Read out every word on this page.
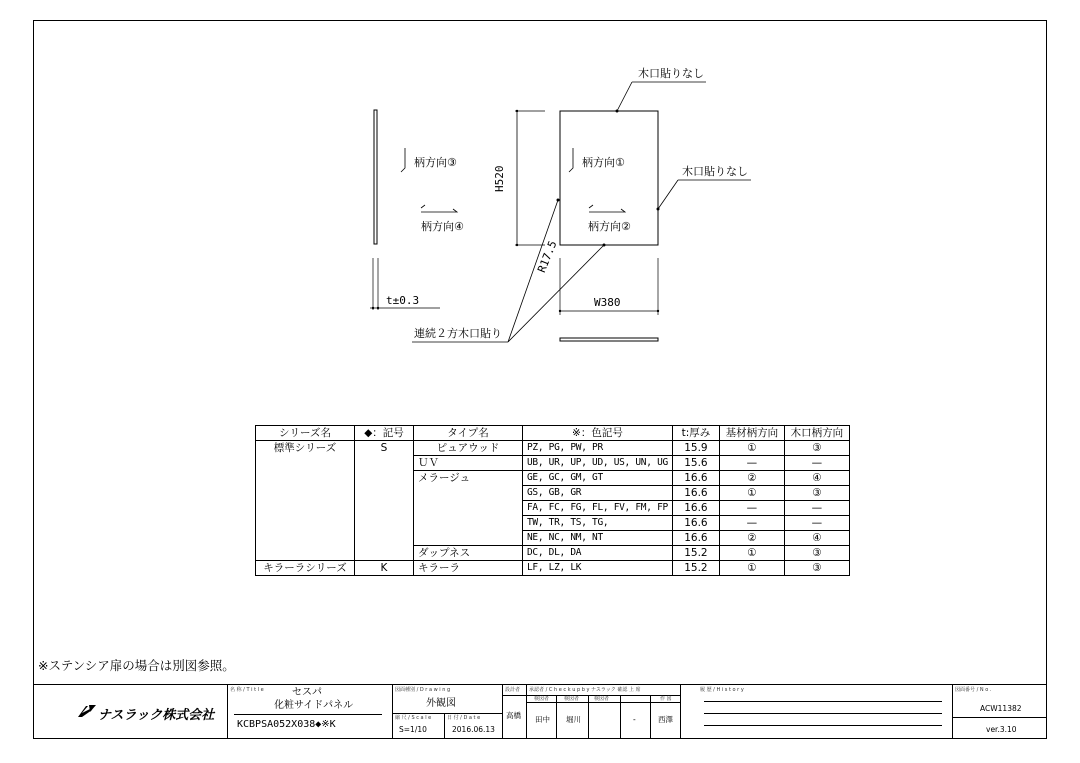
木口貼りなし
木口貼りなし
柄方向③
柄方向④
柄方向①
柄方向②
H520
W380
R17.5
t±0.3
連続２方木口貼り
シリーズ名	◆：記号	タイプ名	※：色記号	t:厚み	基材柄方向	木口柄方向
標準シリーズ	S	ピュアウッド	PZ, PG, PW, PR	15.9	①	③
		ＵＶ	UB, UR, UP, UD, US, UN, UG	15.6	—	—
		メラージュ	GE, GC, GM, GT	16.6	②	④
			GS, GB, GR	16.6	①	③
			FA, FC, FG, FL, FV, FM, FP	16.6	—	—
			TW, TR, TS, TG,	16.6	—	—
			NE, NC, NM, NT	16.6	②	④
		ダップネス	DC, DL, DA	15.2	①	③
キラーラシリーズ	K	キラーラ	LF, LZ, LK	15.2	①	③
※ステンシア扉の場合は別図参照。
ナスラック株式会社
名 称 / T i t l e	セスパ
化粧サイドパネル
KCBPSA052X038◆※K
図面種別 / D r a w i n g
外観図
縮 尺 / S c a l e
S=1/10
日 付 / D a t e
2016.06.13
設計者
高橋
承認者 / C h e c k u p b y ナスラック 確認 上 席
検図者	検図者	検図者	作 図
田中 堀川	-	西澤
履 歴 / H i s t o r y	図面番号 / N o .
ACW11382
ver.3.10
